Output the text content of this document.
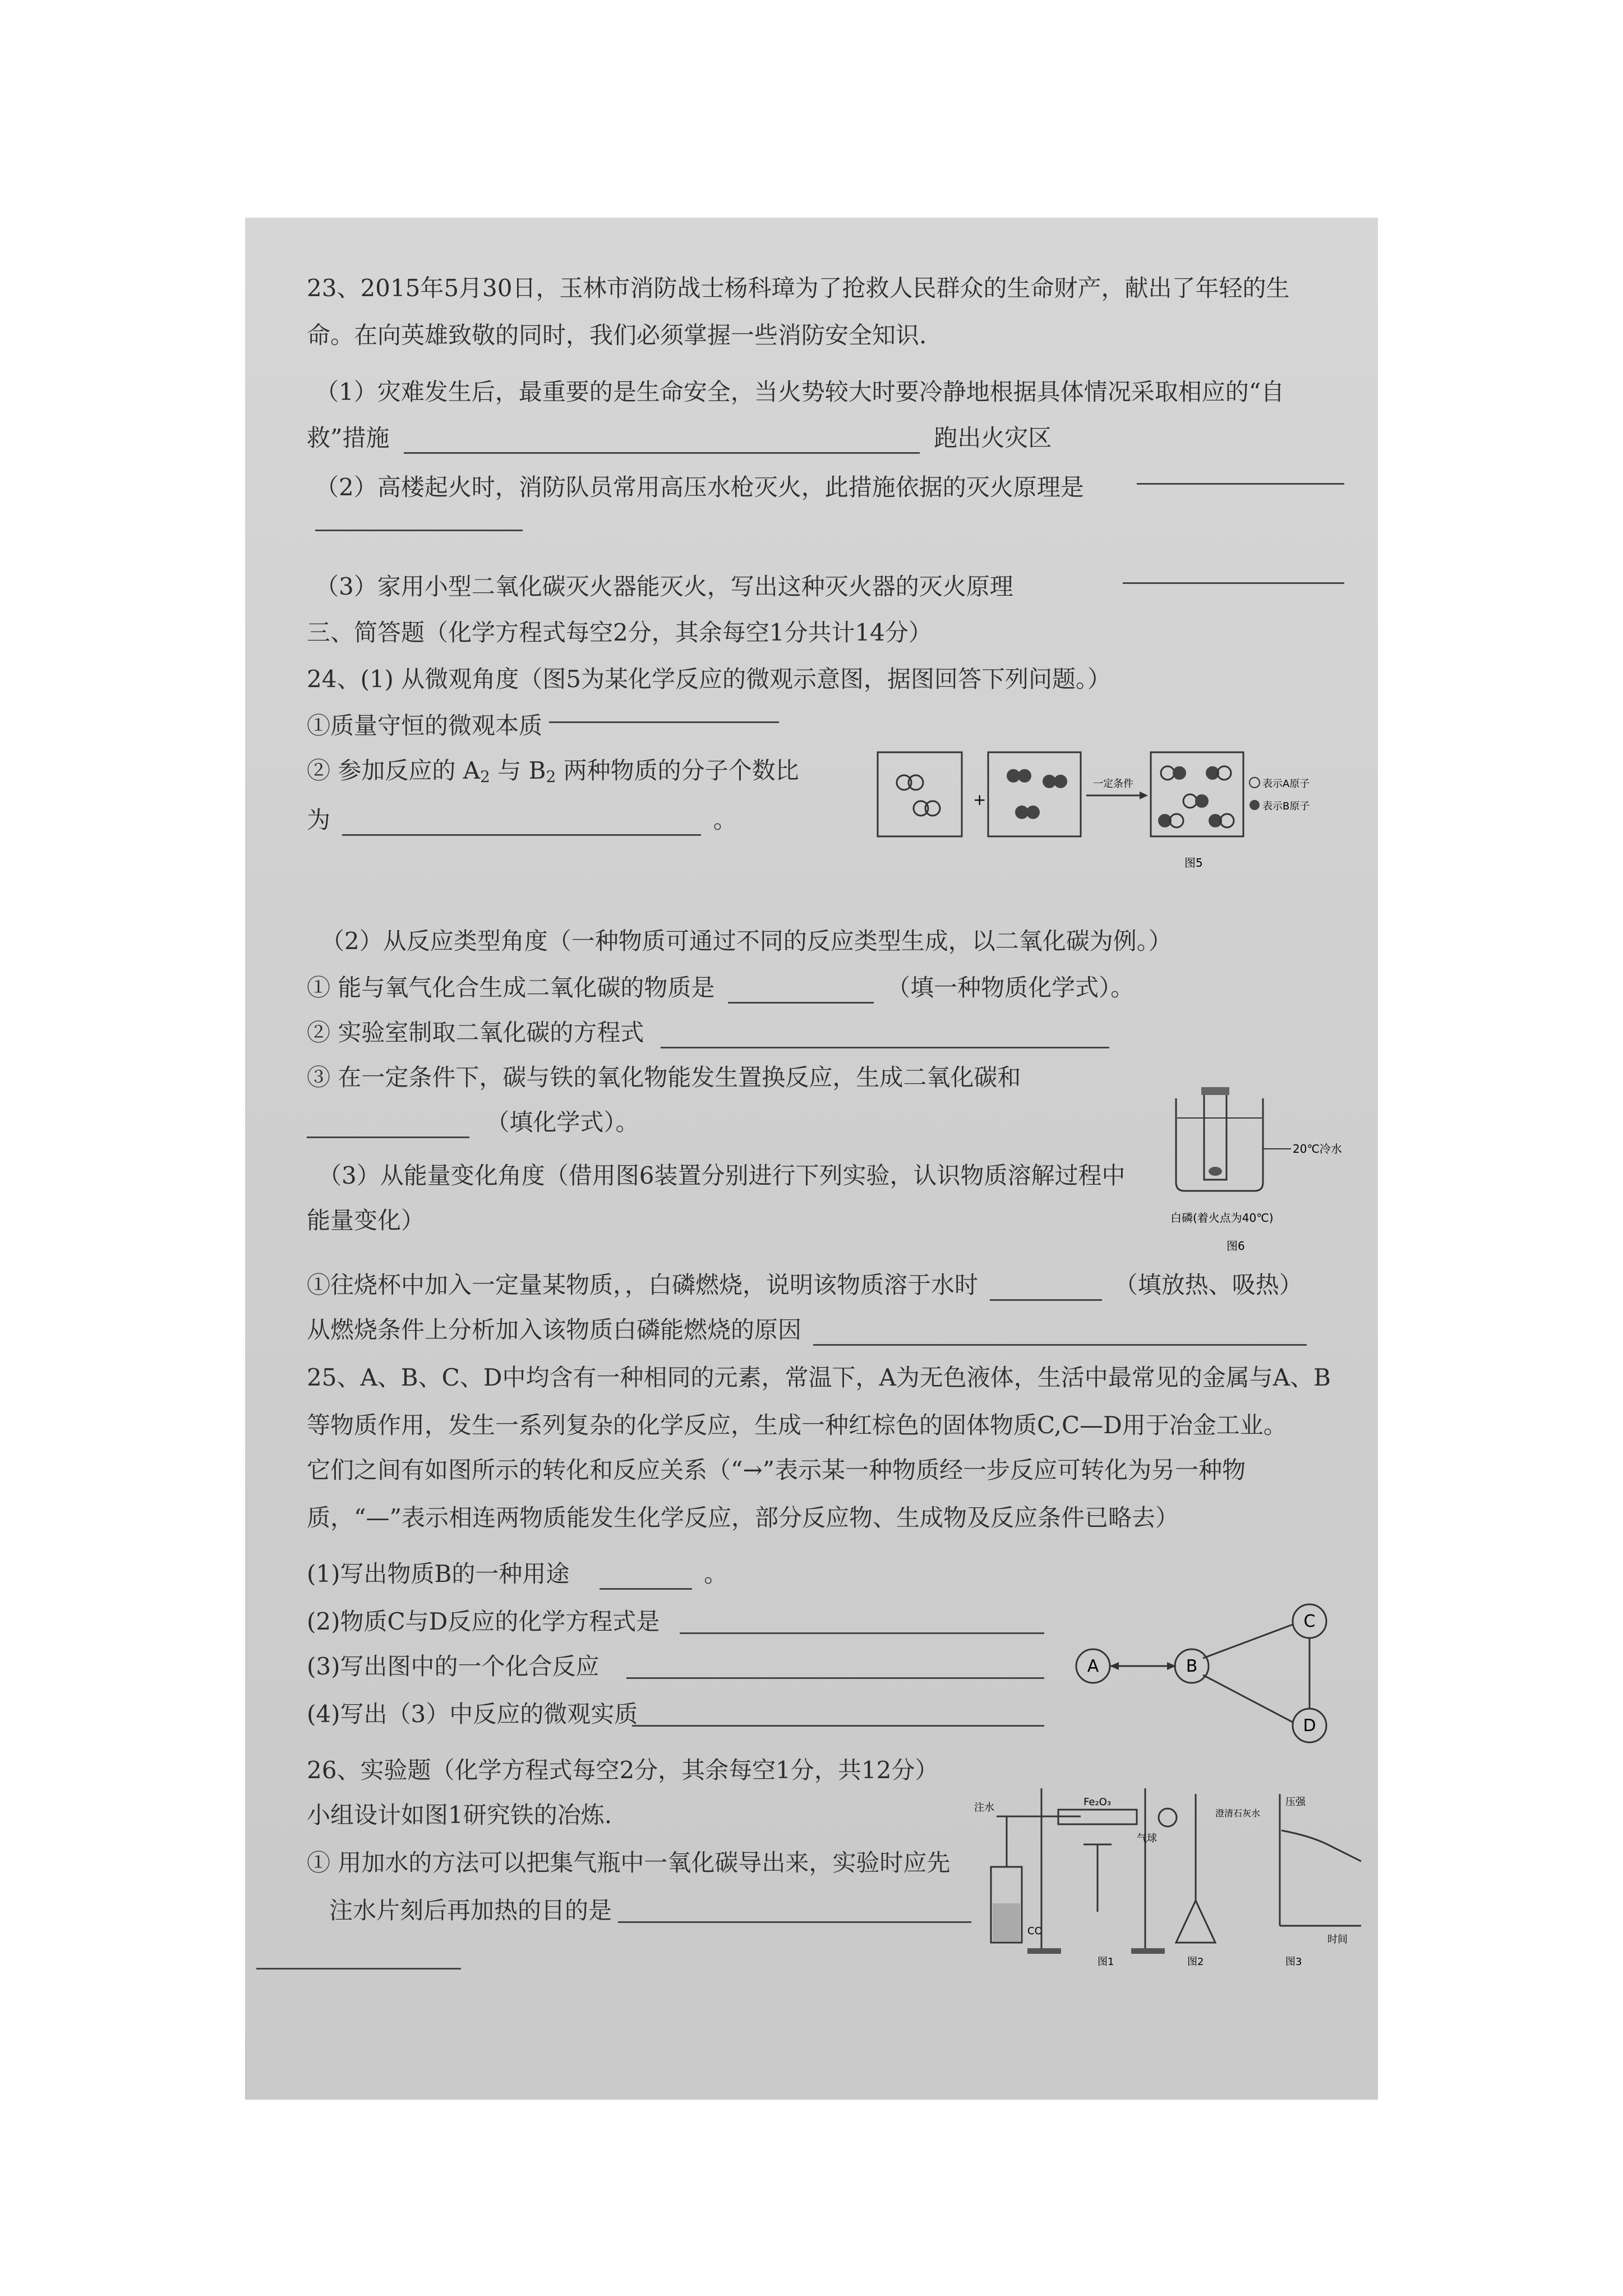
23、2015年5月30日，玉林市消防战士杨科璋为了抢救人民群众的生命财产，献出了年轻的生
命。在向英雄致敬的同时，我们必须掌握一些消防安全知识.
（1）灾难发生后，最重要的是生命安全，当火势较大时要冷静地根据具体情况采取相应的“自
救”措施	跑出火灾区
（2）高楼起火时，消防队员常用高压水枪灭火，此措施依据的灭火原理是
（3）家用小型二氧化碳灭火器能灭火，写出这种灭火器的灭火原理
三、简答题（化学方程式每空2分，其余每空1分共计14分）
24、(1) 从微观角度（图5为某化学反应的微观示意图，据图回答下列问题。）
①质量守恒的微观本质
② 参加反应的 $A_2$ 与 $B_2$ 两种物质的分子个数比
为	。
+
一定条件	表示A原子
表示B原子
图5
（2）从反应类型角度（一种物质可通过不同的反应类型生成，以二氧化碳为例。）
① 能与氧气化合生成二氧化碳的物质是	（填一种物质化学式）。
② 实验室制取二氧化碳的方程式
③ 在一定条件下，碳与铁的氧化物能发生置换反应，生成二氧化碳和
（填化学式）。
20℃冷水
白磷(着火点为40℃)
图6
（3）从能量变化角度（借用图6装置分别进行下列实验，认识物质溶解过程中
能量变化）
①往烧杯中加入一定量某物质，，白磷燃烧，说明该物质溶于水时	（填放热、吸热）
从燃烧条件上分析加入该物质白磷能燃烧的原因
25、A、B、C、D中均含有一种相同的元素，常温下，A为无色液体，生活中最常见的金属与A、B
等物质作用，发生一系列复杂的化学反应，生成一种红棕色的固体物质C,C—D用于冶金工业。
它们之间有如图所示的转化和反应关系（“→”表示某一种物质经一步反应可转化为另一种物
质，“—”表示相连两物质能发生化学反应，部分反应物、生成物及反应条件已略去）
(1)写出物质B的一种用途	。
(2)物质C与D反应的化学方程式是
(3)写出图中的一个化合反应
(4)写出（3）中反应的微观实质
A	B
C
D
26、实验题（化学方程式每空2分，其余每空1分，共12分）
小组设计如图1研究铁的冶炼.
① 用加水的方法可以把集气瓶中一氧化碳导出来，实验时应先
注水片刻后再加热的目的是
注水
CO
Fe₂O₃
图1
气球
澄清石灰水
图2
压强
时间
图3
